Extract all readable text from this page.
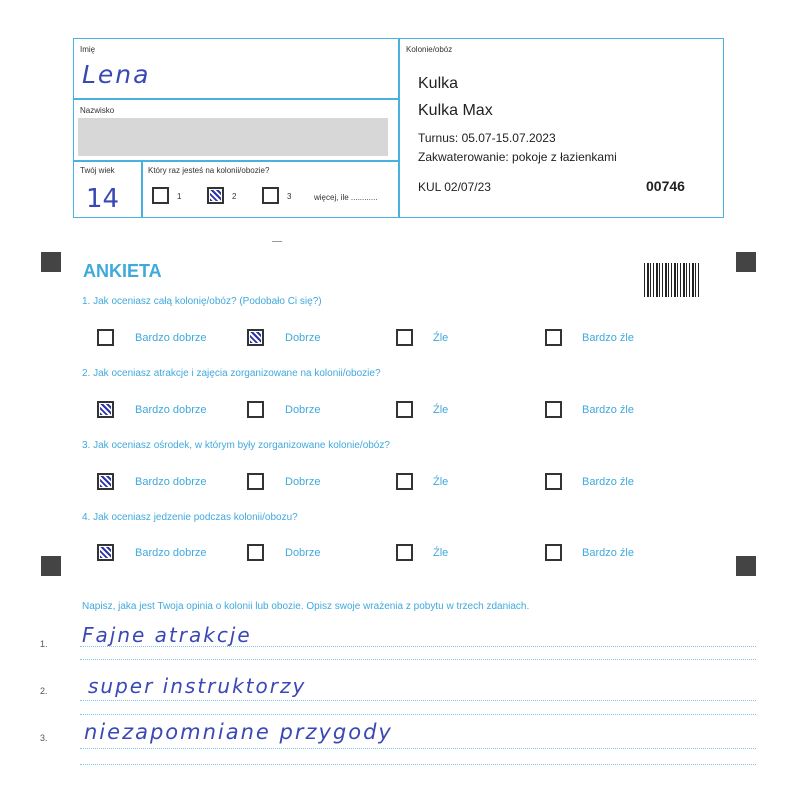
Imię
Lena
Nazwisko
Twój wiek
14
Który raz jesteś na kolonii/obozie?
1	2	3	więcej, ile ............
Kolonie/obóz
Kulka
Kulka Max
Turnus: 05.07-15.07.2023
Zakwaterowanie: pokoje z łazienkami
KUL 02/07/23	00746
ANKIETA
1. Jak oceniasz całą kolonię/obóz? (Podobało Ci się?)
Bardzo dobrze	Dobrze	Źle	Bardzo źle
2. Jak oceniasz atrakcje i zajęcia zorganizowane na kolonii/obozie?
Bardzo dobrze	Dobrze	Źle	Bardzo źle
3. Jak oceniasz ośrodek, w którym były zorganizowane kolonie/obóz?
Bardzo dobrze	Dobrze	Źle	Bardzo źle
4. Jak oceniasz jedzenie podczas kolonii/obozu?
Bardzo dobrze	Dobrze	Źle	Bardzo źle
Napisz, jaka jest Twoja opinia o kolonii lub obozie. Opisz swoje wrażenia z pobytu w trzech zdaniach.
1. Fajne atrakcje
2. super instruktorzy
3. niezapomniane przygody
